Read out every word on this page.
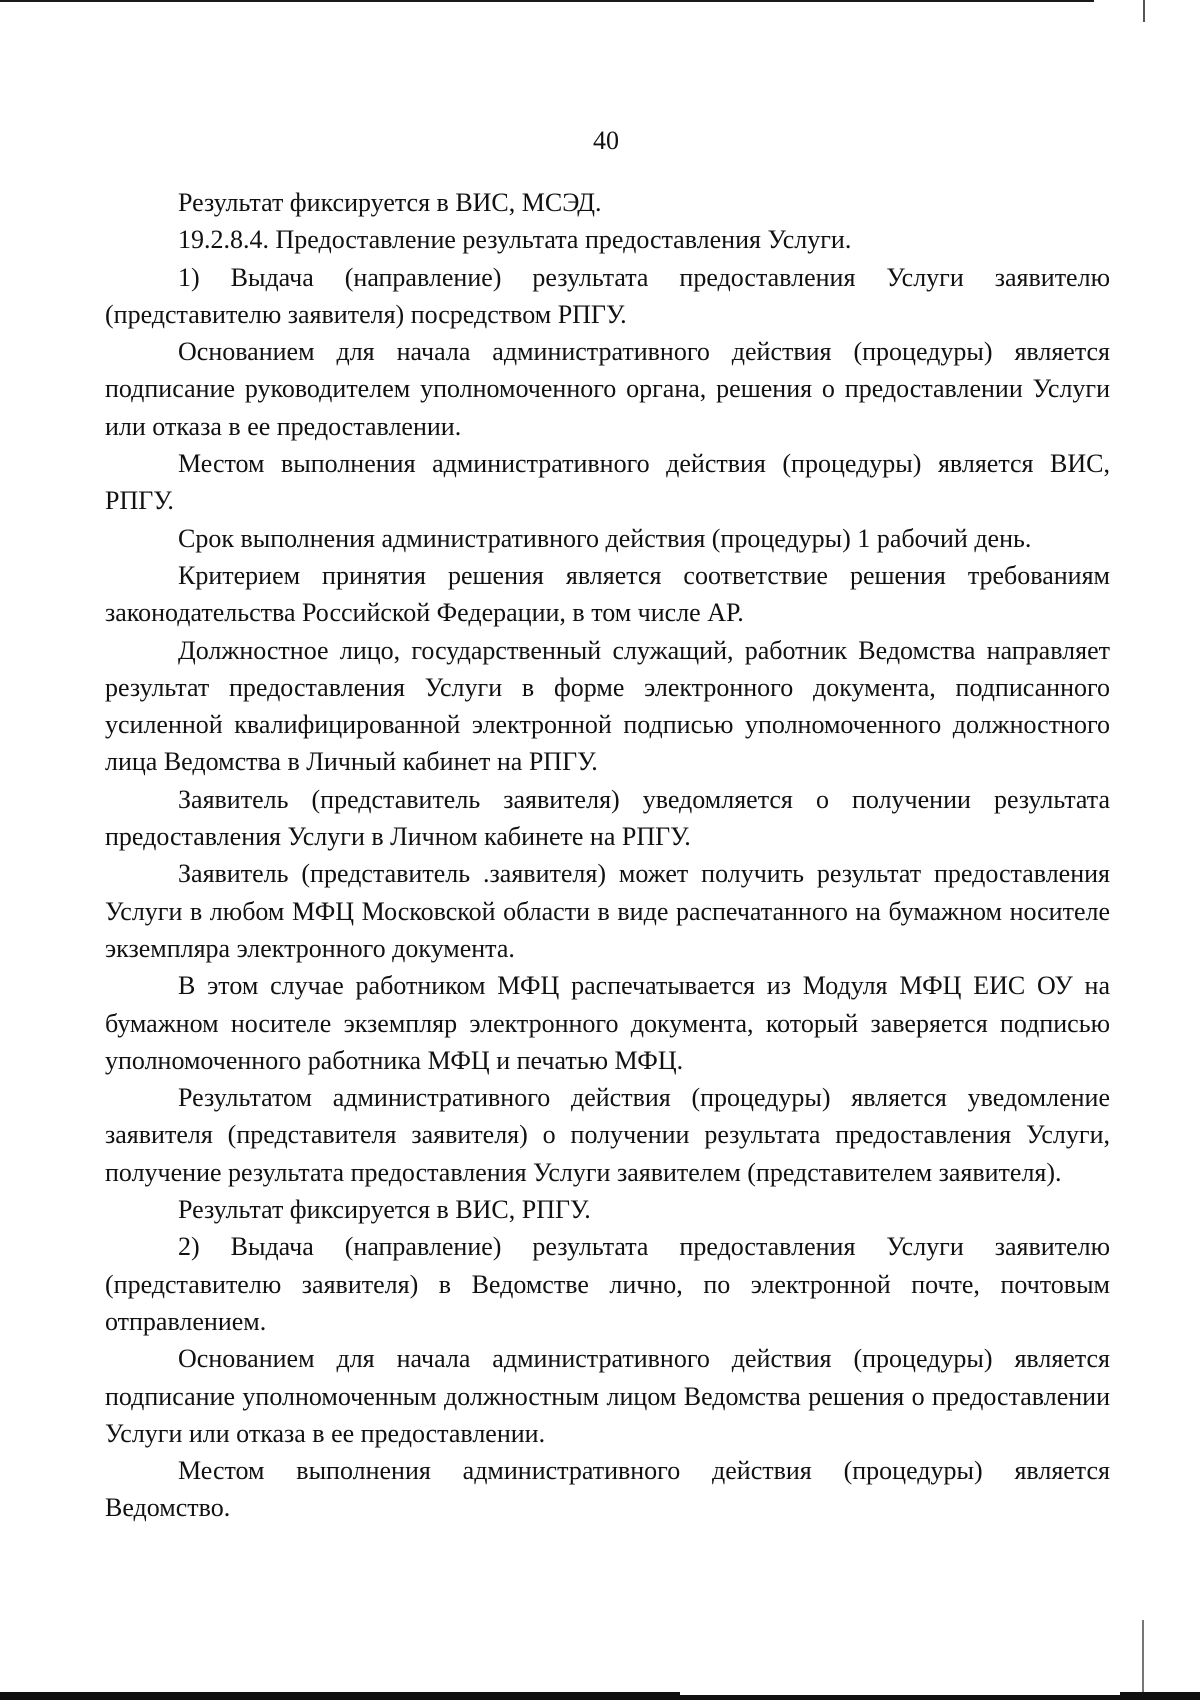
40

Результат фиксируется в ВИС, МСЭД.

19.2.8.4. Предоставление результата предоставления Услуги.

1) Выдача (направление) результата предоставления Услуги заявителю (представителю заявителя) посредством РПГУ.

Основанием для начала административного действия (процедуры) является подписание руководителем уполномоченного органа, решения о предоставлении Услуги или отказа в ее предоставлении.

Местом выполнения административного действия (процедуры) является ВИС, РПГУ.

Срок выполнения административного действия (процедуры) 1 рабочий день.

Критерием принятия решения является соответствие решения требованиям законодательства Российской Федерации, в том числе АР.

Должностное лицо, государственный служащий, работник Ведомства направляет результат предоставления Услуги в форме электронного документа, подписанного усиленной квалифицированной электронной подписью уполномоченного должностного лица Ведомства в Личный кабинет на РПГУ.

Заявитель (представитель заявителя) уведомляется о получении результата предоставления Услуги в Личном кабинете на РПГУ.

Заявитель (представитель .заявителя) может получить результат предоставления Услуги в любом МФЦ Московской области в виде распечатанного на бумажном носителе экземпляра электронного документа.

В этом случае работником МФЦ распечатывается из Модуля МФЦ ЕИС ОУ на бумажном носителе экземпляр электронного документа, который заверяется подписью уполномоченного работника МФЦ и печатью МФЦ.

Результатом административного действия (процедуры) является уведомление заявителя (представителя заявителя) о получении результата предоставления Услуги, получение результата предоставления Услуги заявителем (представителем заявителя).

Результат фиксируется в ВИС, РПГУ.

2) Выдача (направление) результата предоставления Услуги заявителю (представителю заявителя) в Ведомстве лично, по электронной почте, почтовым отправлением.

Основанием для начала административного действия (процедуры) является подписание уполномоченным должностным лицом Ведомства решения о предоставлении Услуги или отказа в ее предоставлении.

Местом выполнения административного действия (процедуры) является Ведомство.
